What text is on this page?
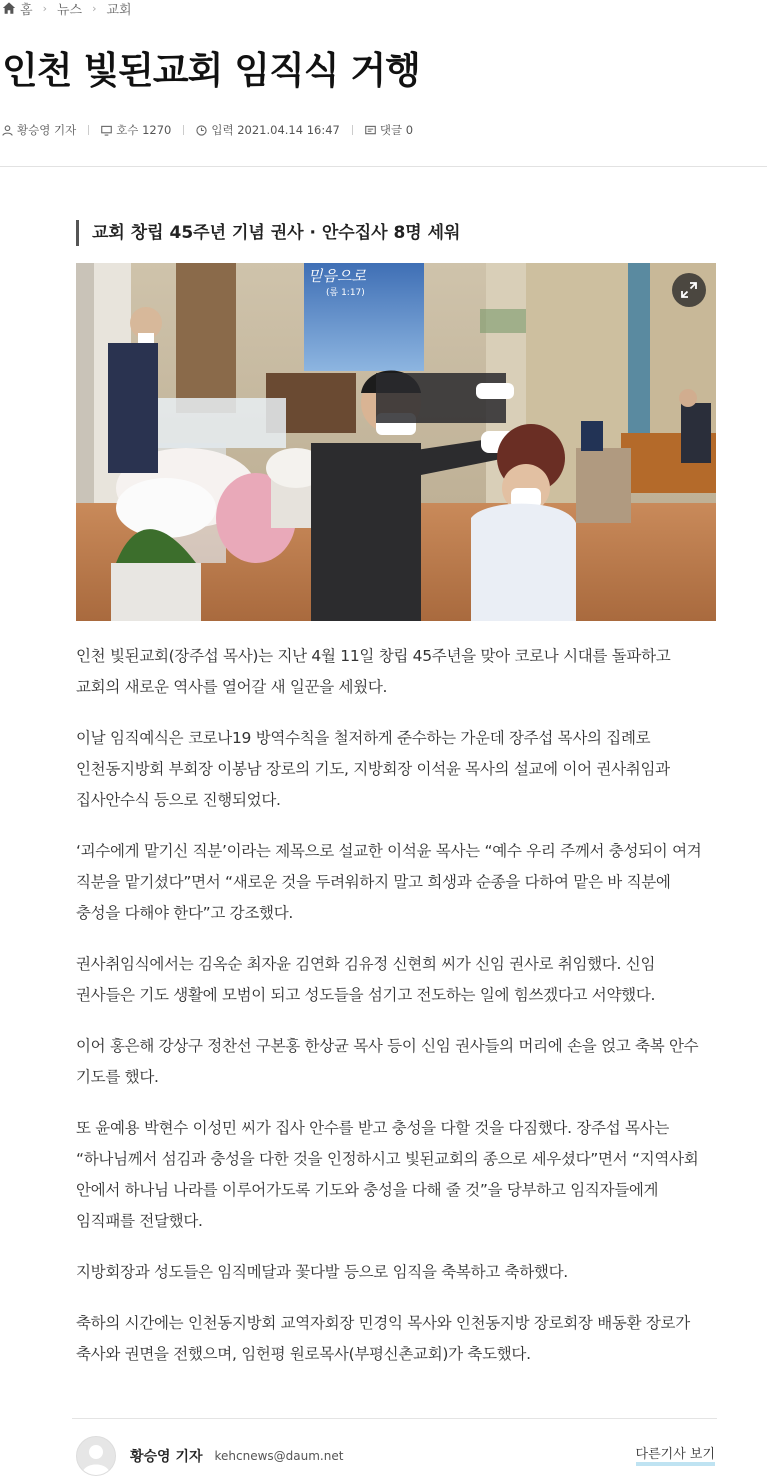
홈 › 뉴스 › 교회
인천 빛된교회 임직식 거행
황승영 기자	호수 1270	입력 2021.04.14 16:47	댓글 0
교회 창립 45주년 기념 권사 · 안수집사 8명 세워
믿음으로
(롬 1:17)

인천 빛된교회(장주섭 목사)는 지난 4월 11일 창립 45주년을 맞아 코로나 시대를 돌파하고 교회의 새로운 역사를 열어갈 새 일꾼을 세웠다.

이날 임직예식은 코로나19 방역수칙을 철저하게 준수하는 가운데 장주섭 목사의 집례로 인천동지방회 부회장 이봉남 장로의 기도, 지방회장 이석윤 목사의 설교에 이어 권사취임과 집사안수식 등으로 진행되었다.

‘괴수에게 맡기신 직분’이라는 제목으로 설교한 이석윤 목사는 “예수 우리 주께서 충성되이 여겨 직분을 맡기셨다”면서 “새로운 것을 두려워하지 말고 희생과 순종을 다하여 맡은 바 직분에 충성을 다해야 한다”고 강조했다.

권사취임식에서는 김옥순 최자윤 김연화 김유정 신현희 씨가 신임 권사로 취임했다. 신임 권사들은 기도 생활에 모범이 되고 성도들을 섬기고 전도하는 일에 힘쓰겠다고 서약했다.

이어 홍은해 강상구 정찬선 구본홍 한상균 목사 등이 신임 권사들의 머리에 손을 얹고 축복 안수 기도를 했다.

또 윤예용 박현수 이성민 씨가 집사 안수를 받고 충성을 다할 것을 다짐했다. 장주섭 목사는 “하나님께서 섬김과 충성을 다한 것을 인정하시고 빛된교회의 종으로 세우셨다”면서 “지역사회 안에서 하나님 나라를 이루어가도록 기도와 충성을 다해 줄 것”을 당부하고 임직자들에게 임직패를 전달했다.

지방회장과 성도들은 임직메달과 꽃다발 등으로 임직을 축복하고 축하했다.

축하의 시간에는 인천동지방회 교역자회장 민경익 목사와 인천동지방 장로회장 배동환 장로가 축사와 권면을 전했으며, 임헌평 원로목사(부평신촌교회)가 축도했다.

황승영 기자 kehcnews@daum.net	다른기사 보기
